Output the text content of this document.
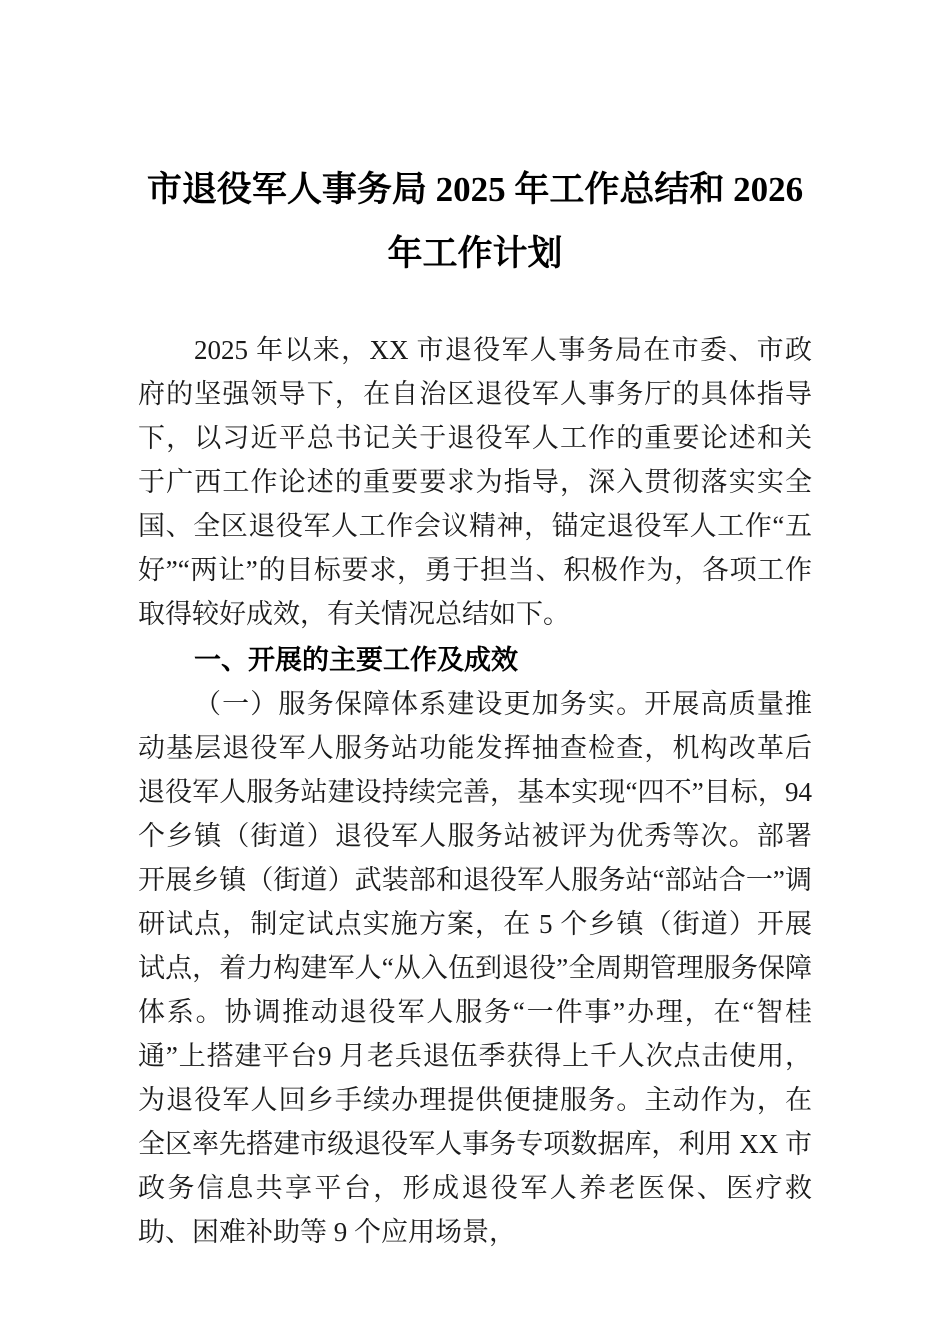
市退役军人事务局 2025 年工作总结和 2026
年工作计划

2025 年以来，XX 市退役军人事务局在市委、市政府的坚强领导下，在自治区退役军人事务厅的具体指导下，以习近平总书记关于退役军人工作的重要论述和关于广西工作论述的重要要求为指导，深入贯彻落实实全国、全区退役军人工作会议精神，锚定退役军人工作“五好”“两让”的目标要求，勇于担当、积极作为，各项工作取得较好成效，有关情况总结如下。

一、开展的主要工作及成效

（一）服务保障体系建设更加务实。开展高质量推动基层退役军人服务站功能发挥抽查检查，机构改革后退役军人服务站建设持续完善，基本实现“四不”目标，94 个乡镇（街道）退役军人服务站被评为优秀等次。部署开展乡镇（街道）武装部和退役军人服务站“部站合一”调研试点，制定试点实施方案，在 5 个乡镇（街道）开展试点，着力构建军人“从入伍到退役”全周期管理服务保障体系。协调推动退役军人服务“一件事”办理，在“智桂通”上搭建平台9 月老兵退伍季获得上千人次点击使用，为退役军人回乡手续办理提供便捷服务。主动作为，在全区率先搭建市级退役军人事务专项数据库，利用 XX 市政务信息共享平台，形成退役军人养老医保、医疗救助、困难补助等 9 个应用场景，
